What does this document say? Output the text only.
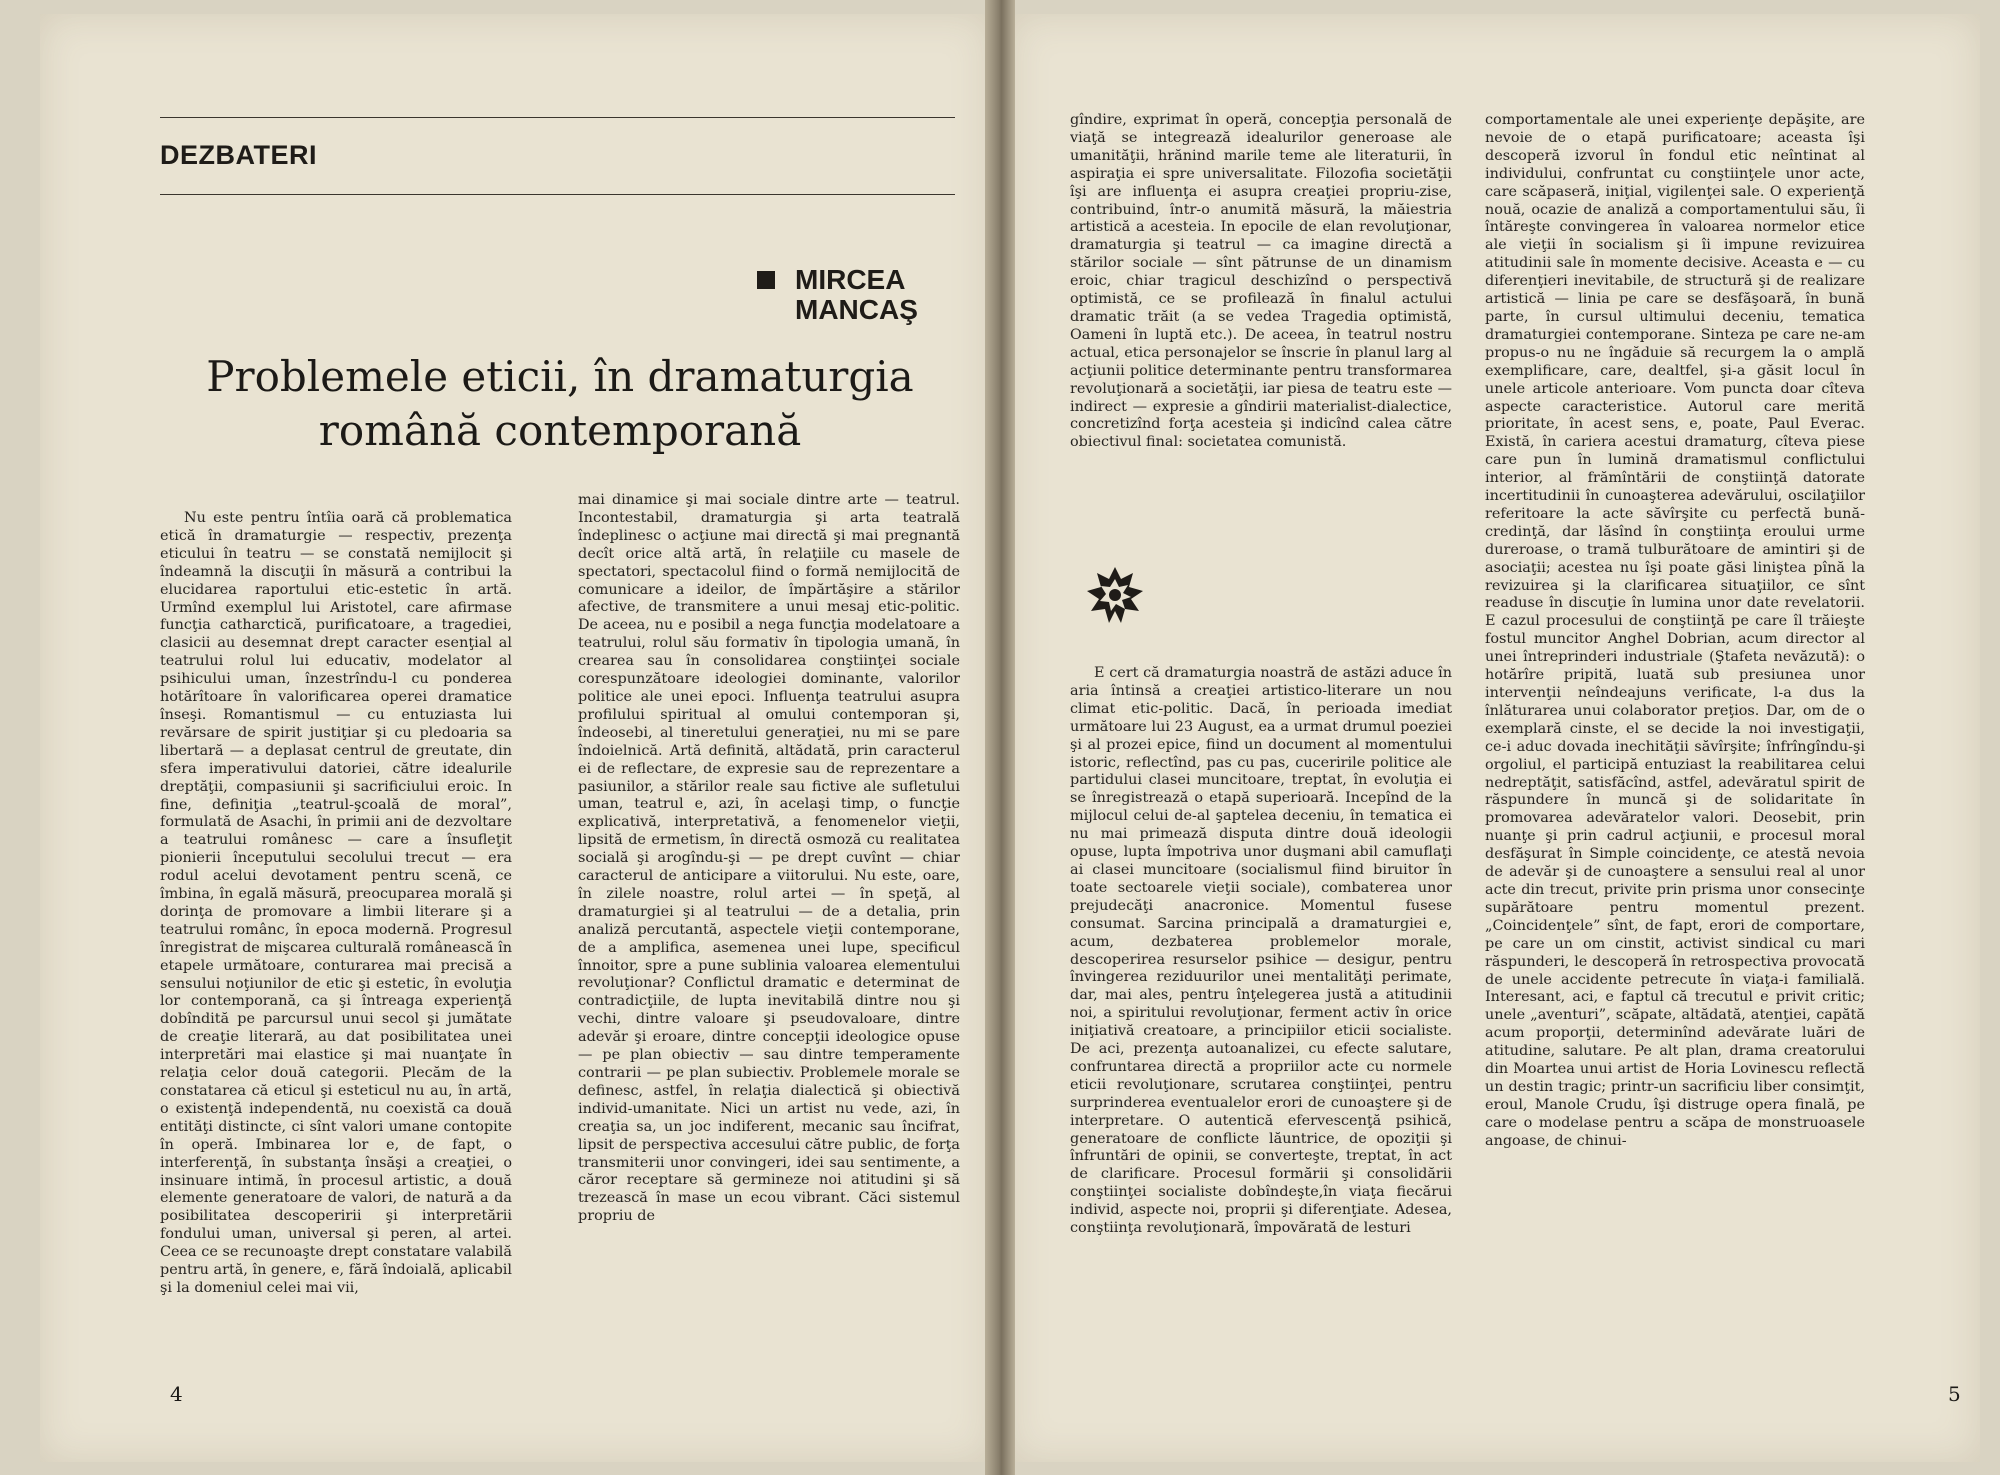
DEZBATERI
MIRCEA
MANCAŞ
Problemele eticii, în dramaturgia
română contemporană

Nu este pentru întîia oară că problematica etică în dramaturgie — respectiv, prezenţa eticului în teatru — se constată nemijlocit şi îndeamnă la discuţii în măsură a contribui la elucidarea raportului etic-estetic în artă. Urmînd exemplul lui Aristotel, care afirmase funcţia catharctică, purificatoare, a tragediei, clasicii au desemnat drept caracter esenţial al teatrului rolul lui educativ, modelator al psihicului uman, înzestrîndu-l cu ponderea hotărîtoare în valorificarea operei dramatice înseşi. Romantismul — cu entuziasta lui revărsare de spirit justiţiar şi cu pledoaria sa libertară — a deplasat centrul de greutate, din sfera imperativului datoriei, către idealurile dreptăţii, compasiunii şi sacrificiului eroic. In fine, definiţia „teatrul-şcoală de moral”, formulată de Asachi, în primii ani de dezvoltare a teatrului românesc — care a însufleţit pionierii începutului secolului trecut — era rodul acelui devotament pentru scenă, ce îmbina, în egală măsură, preocuparea morală şi dorinţa de promovare a limbii literare şi a teatrului românc, în epoca modernă. Progresul înregistrat de mişcarea culturală românească în etapele următoare, conturarea mai precisă a sensului noţiunilor de etic şi estetic, în evoluţia lor contemporană, ca şi întreaga experienţă dobîndită pe parcursul unui secol şi jumătate de creaţie literară, au dat posibilitatea unei interpretări mai elastice şi mai nuanţate în relaţia celor două categorii. Plecăm de la constatarea că eticul şi esteticul nu au, în artă, o existenţă independentă, nu coexistă ca două entităţi distincte, ci sînt valori umane contopite în operă. Imbinarea lor e, de fapt, o interferenţă, în substanţa însăşi a creaţiei, o insinuare intimă, în procesul artistic, a două elemente generatoare de valori, de natură a da posibilitatea descoperirii şi interpretării fondului uman, universal şi peren, al artei. Ceea ce se recunoaşte drept constatare valabilă pentru artă, în genere, e, fără îndoială, aplicabil şi la domeniul celei mai vii,

mai dinamice şi mai sociale dintre arte — teatrul. Incontestabil, dramaturgia şi arta teatrală îndeplinesc o acţiune mai directă şi mai pregnantă decît orice altă artă, în relaţiile cu masele de spectatori, spectacolul fiind o formă nemijlocită de comunicare a ideilor, de împărtăşire a stărilor afective, de transmitere a unui mesaj etic-politic. De aceea, nu e posibil a nega funcţia modelatoare a teatrului, rolul său formativ în tipologia umană, în crearea sau în consolidarea conştiinţei sociale corespunzătoare ideologiei dominante, valorilor politice ale unei epoci. Influenţa teatrului asupra profilului spiritual al omului contemporan şi, îndeosebi, al tineretului generaţiei, nu mi se pare îndoielnică. Artă definită, altădată, prin caracterul ei de reflectare, de expresie sau de reprezentare a pasiunilor, a stărilor reale sau fictive ale sufletului uman, teatrul e, azi, în acelaşi timp, o funcţie explicativă, interpretativă, a fenomenelor vieţii, lipsită de ermetism, în directă osmoză cu realitatea socială şi arogîndu-şi — pe drept cuvînt — chiar caracterul de anticipare a viitorului. Nu este, oare, în zilele noastre, rolul artei — în speţă, al dramaturgiei şi al teatrului — de a detalia, prin analiză percutantă, aspectele vieţii contemporane, de a amplifica, asemenea unei lupe, specificul înnoitor, spre a pune sublinia valoarea elementului revoluţionar? Conflictul dramatic e determinat de contradicţiile, de lupta inevitabilă dintre nou şi vechi, dintre valoare şi pseudovaloare, dintre adevăr şi eroare, dintre concepţii ideologice opuse — pe plan obiectiv — sau dintre temperamente contrarii — pe plan subiectiv. Problemele morale se definesc, astfel, în relaţia dialectică şi obiectivă individ-umanitate. Nici un artist nu vede, azi, în creaţia sa, un joc indiferent, mecanic sau încifrat, lipsit de perspectiva accesului către public, de forţa transmiterii unor convingeri, idei sau sentimente, a căror receptare să germineze noi atitudini şi să trezească în mase un ecou vibrant. Căci sistemul propriu de

4

gîndire, exprimat în operă, concepţia personală de viaţă se integrează idealurilor generoase ale umanităţii, hrănind marile teme ale literaturii, în aspiraţia ei spre universalitate. Filozofia societăţii îşi are influenţa ei asupra creaţiei propriu-zise, contribuind, într-o anumită măsură, la măiestria artistică a acesteia. In epocile de elan revoluţionar, dramaturgia şi teatrul — ca imagine directă a stărilor sociale — sînt pătrunse de un dinamism eroic, chiar tragicul deschizînd o perspectivă optimistă, ce se profilează în finalul actului dramatic trăit (a se vedea Tragedia optimistă, Oameni în luptă etc.). De aceea, în teatrul nostru actual, etica personajelor se înscrie în planul larg al acţiunii politice determinante pentru transformarea revoluţionară a societăţii, iar piesa de teatru este — indirect — expresie a gîndirii materialist-dialectice, concretizînd forţa acesteia şi indicînd calea către obiectivul final: societatea comunistă.

E cert că dramaturgia noastră de astăzi aduce în aria întinsă a creaţiei artistico-literare un nou climat etic-politic. Dacă, în perioada imediat următoare lui 23 August, ea a urmat drumul poeziei şi al prozei epice, fiind un document al momentului istoric, reflectînd, pas cu pas, cuceririle politice ale partidului clasei muncitoare, treptat, în evoluţia ei se înregistrează o etapă superioară. Incepînd de la mijlocul celui de-al şaptelea deceniu, în tematica ei nu mai primează disputa dintre două ideologii opuse, lupta împotriva unor duşmani abil camuflaţi ai clasei muncitoare (socialismul fiind biruitor în toate sectoarele vieţii sociale), combaterea unor prejudecăţi anacronice. Momentul fusese consumat. Sarcina principală a dramaturgiei e, acum, dezbaterea problemelor morale, descoperirea resurselor psihice — desigur, pentru învingerea reziduurilor unei mentalităţi perimate, dar, mai ales, pentru înţelegerea justă a atitudinii noi, a spiritului revoluţionar, ferment activ în orice iniţiativă creatoare, a principiilor eticii socialiste. De aci, prezenţa autoanalizei, cu efecte salutare, confruntarea directă a propriilor acte cu normele eticii revoluţionare, scrutarea conştiinţei, pentru surprinderea eventualelor erori de cunoaştere şi de interpretare. O autentică efervescenţă psihică, generatoare de conflicte lăuntrice, de opoziţii şi înfruntări de opinii, se converteşte, treptat, în act de clarificare. Procesul formării şi consolidării conştiinţei socialiste dobîndeşte,în viaţa fiecărui individ, aspecte noi, proprii şi diferenţiate. Adesea, conştiinţa revoluţionară, împovărată de lesturi

comportamentale ale unei experienţe depăşite, are nevoie de o etapă purificatoare; aceasta îşi descoperă izvorul în fondul etic neîntinat al individului, confruntat cu conştiinţele unor acte, care scăpaseră, iniţial, vigilenţei sale. O experienţă nouă, ocazie de analiză a comportamentului său, îi întăreşte convingerea în valoarea normelor etice ale vieţii în socialism şi îi impune revizuirea atitudinii sale în momente decisive. Aceasta e — cu diferenţieri inevitabile, de structură şi de realizare artistică — linia pe care se desfăşoară, în bună parte, în cursul ultimului deceniu, tematica dramaturgiei contemporane. Sinteza pe care ne-am propus-o nu ne îngăduie să recurgem la o amplă exemplificare, care, dealtfel, şi-a găsit locul în unele articole anterioare. Vom puncta doar cîteva aspecte caracteristice. Autorul care merită prioritate, în acest sens, e, poate, Paul Everac. Există, în cariera acestui dramaturg, cîteva piese care pun în lumină dramatismul conflictului interior, al frămîntării de conştiinţă datorate incertitudinii în cunoaşterea adevărului, oscilaţiilor referitoare la acte săvîrşite cu perfectă bună-credinţă, dar lăsînd în conştiinţa eroului urme dureroase, o tramă tulburătoare de amintiri şi de asociaţii; acestea nu îşi poate găsi liniştea pînă la revizuirea şi la clarificarea situaţiilor, ce sînt readuse în discuţie în lumina unor date revelatorii. E cazul procesului de conştiinţă pe care îl trăieşte fostul muncitor Anghel Dobrian, acum director al unei întreprinderi industriale (Ştafeta nevăzută): o hotărîre pripită, luată sub presiunea unor intervenţii neîndeajuns verificate, l-a dus la înlăturarea unui colaborator preţios. Dar, om de o exemplară cinste, el se decide la noi investigaţii, ce-i aduc dovada inechităţii săvîrşite; înfrîngîndu-şi orgoliul, el participă entuziast la reabilitarea celui nedreptăţit, satisfăcînd, astfel, adevăratul spirit de răspundere în muncă şi de solidaritate în promovarea adevăratelor valori. Deosebit, prin nuanţe şi prin cadrul acţiunii, e procesul moral desfăşurat în Simple coincidenţe, ce atestă nevoia de adevăr şi de cunoaştere a sensului real al unor acte din trecut, privite prin prisma unor consecinţe supărătoare pentru momentul prezent. „Coincidenţele” sînt, de fapt, erori de comportare, pe care un om cinstit, activist sindical cu mari răspunderi, le descoperă în retrospectiva provocată de unele accidente petrecute în viaţa-i familială. Interesant, aci, e faptul că trecutul e privit critic; unele „aventuri”, scăpate, altădată, atenţiei, capătă acum proporţii, determinînd adevărate luări de atitudine, salutare. Pe alt plan, drama creatorului din Moartea unui artist de Horia Lovinescu reflectă un destin tragic; printr-un sacrificiu liber consimţit, eroul, Manole Crudu, îşi distruge opera finală, pe care o modelase pentru a scăpa de monstruoasele angoase, de chinui-

5
